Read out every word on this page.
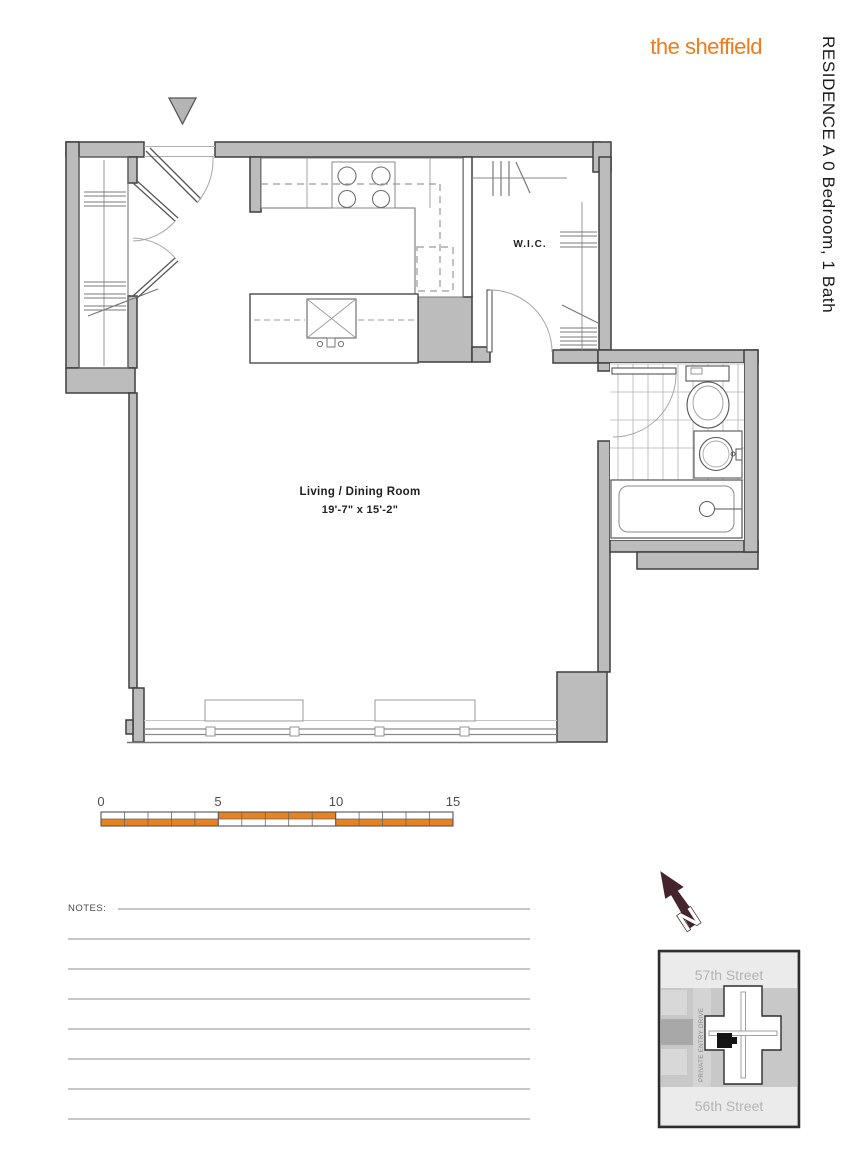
the sheffield	RESIDENCE A 0 Bedroom, 1 Bath
W.I.C.
Living / Dining Room
19'-7" x 15'-2"
0	5	10	15
NOTES:	N
57th Street
56th Street
PRIVATE ENTRY DRIVE
